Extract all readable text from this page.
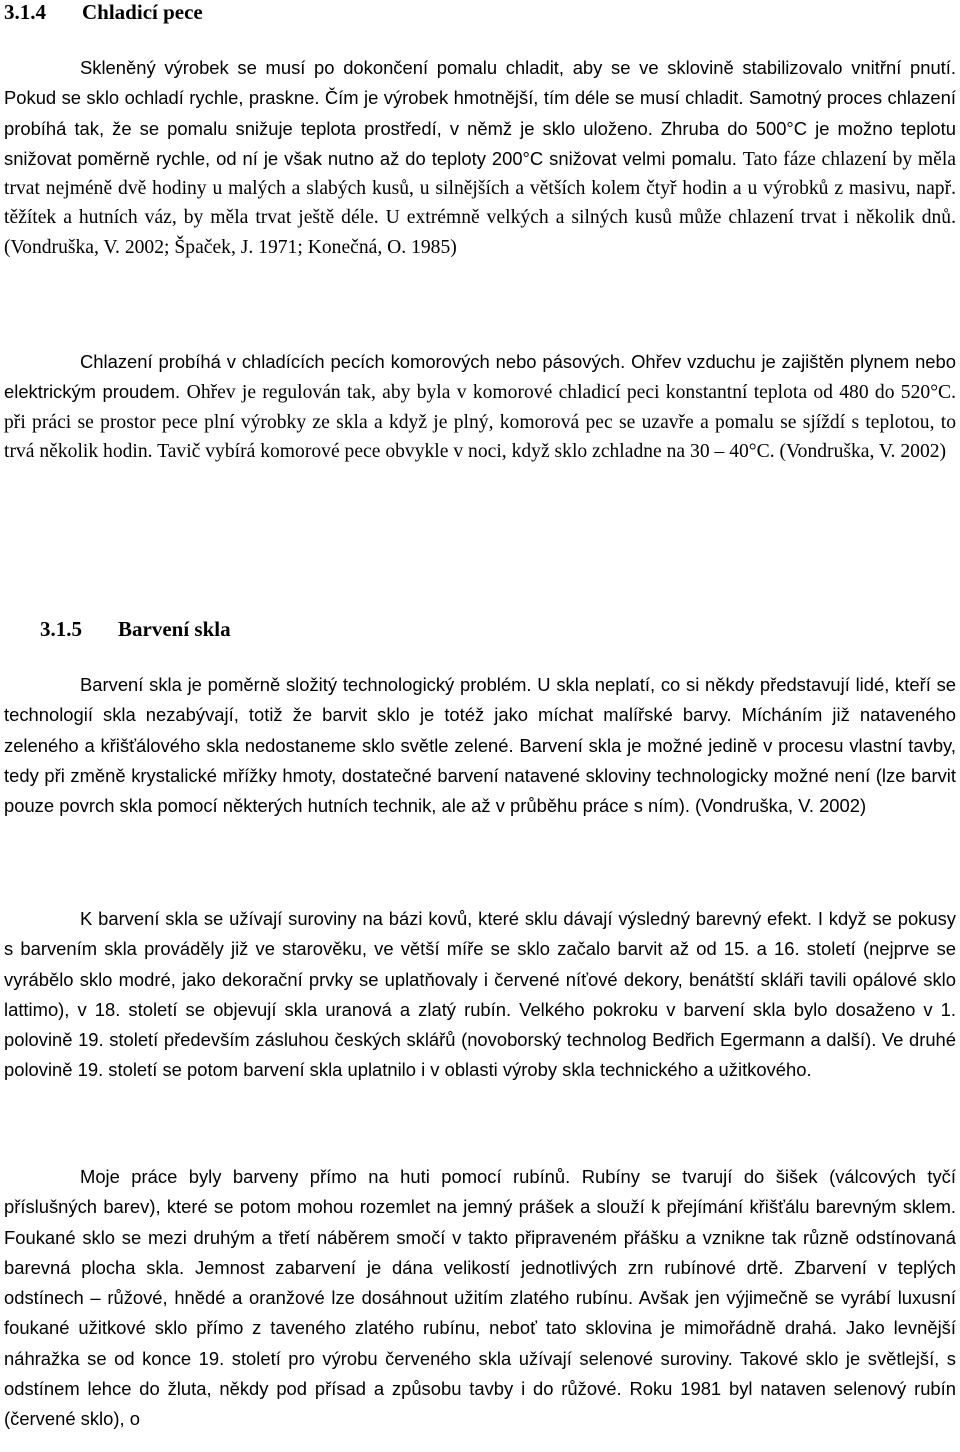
3.1.4 Chladicí pece

Skleněný výrobek se musí po dokončení pomalu chladit, aby se ve sklovině stabilizovalo vnitřní pnutí. Pokud se sklo ochladí rychle, praskne. Čím je výrobek hmotnější, tím déle se musí chladit. Samotný proces chlazení probíhá tak, že se pomalu snižuje teplota prostředí, v němž je sklo uloženo. Zhruba do 500°C je možno teplotu snižovat poměrně rychle, od ní je však nutno až do teploty 200°C snižovat velmi pomalu. Tato fáze chlazení by měla trvat nejméně dvě hodiny u malých a slabých kusů, u silnějších a větších kolem čtyř hodin a u výrobků z masivu, např. těžítek a hutních váz, by měla trvat ještě déle. U extrémně velkých a silných kusů může chlazení trvat i několik dnů. (Vondruška, V. 2002; Špaček, J. 1971; Konečná, O. 1985)

Chlazení probíhá v chladících pecích komorových nebo pásových. Ohřev vzduchu je zajištěn plynem nebo elektrickým proudem. Ohřev je regulován tak, aby byla v komorové chladicí peci konstantní teplota od 480 do 520°C. při práci se prostor pece plní výrobky ze skla a když je plný, komorová pec se uzavře a pomalu se sjíždí s teplotou, to trvá několik hodin. Tavič vybírá komorové pece obvykle v noci, když sklo zchladne na 30 – 40°C. (Vondruška, V. 2002)

3.1.5 Barvení skla

Barvení skla je poměrně složitý technologický problém. U skla neplatí, co si někdy představují lidé, kteří se technologií skla nezabývají, totiž že barvit sklo je totéž jako míchat malířské barvy. Mícháním již nataveného zeleného a křišťálového skla nedostaneme sklo světle zelené. Barvení skla je možné jedině v procesu vlastní tavby, tedy při změně krystalické mřížky hmoty, dostatečné barvení natavené skloviny technologicky možné není (lze barvit pouze povrch skla pomocí některých hutních technik, ale až v průběhu práce s ním). (Vondruška, V. 2002)

K barvení skla se užívají suroviny na bázi kovů, které sklu dávají výsledný barevný efekt. I když se pokusy s barvením skla prováděly již ve starověku, ve větší míře se sklo začalo barvit až od 15. a 16. století (nejprve se vyrábělo sklo modré, jako dekorační prvky se uplatňovaly i červené níťové dekory, benátští skláři tavili opálové sklo lattimo), v 18. století se objevují skla uranová a zlatý rubín. Velkého pokroku v barvení skla bylo dosaženo v 1. polovině 19. století především zásluhou českých sklářů (novoborský technolog Bedřich Egermann a další). Ve druhé polovině 19. století se potom barvení skla uplatnilo i v oblasti výroby skla technického a užitkového.

Moje práce byly barveny přímo na huti pomocí rubínů. Rubíny se tvarují do šišek (válcových tyčí příslušných barev), které se potom mohou rozemlet na jemný prášek a slouží k přejímání křišťálu barevným sklem. Foukané sklo se mezi druhým a třetí náběrem smočí v takto připraveném přášku a vznikne tak různě odstínovaná barevná plocha skla. Jemnost zabarvení je dána velikostí jednotlivých zrn rubínové drtě. Zbarvení v teplých odstínech – růžové, hnědé a oranžové lze dosáhnout užitím zlatého rubínu. Avšak jen výjimečně se vyrábí luxusní foukané užitkové sklo přímo z taveného zlatého rubínu, neboť tato sklovina je mimořádně drahá. Jako levnější náhražka se od konce 19. století pro výrobu červeného skla užívají selenové suroviny. Takové sklo je světlejší, s odstínem lehce do žluta, někdy pod přísad a způsobu tavby i do růžové. Roku 1981 byl nataven selenový rubín (červené sklo), o
